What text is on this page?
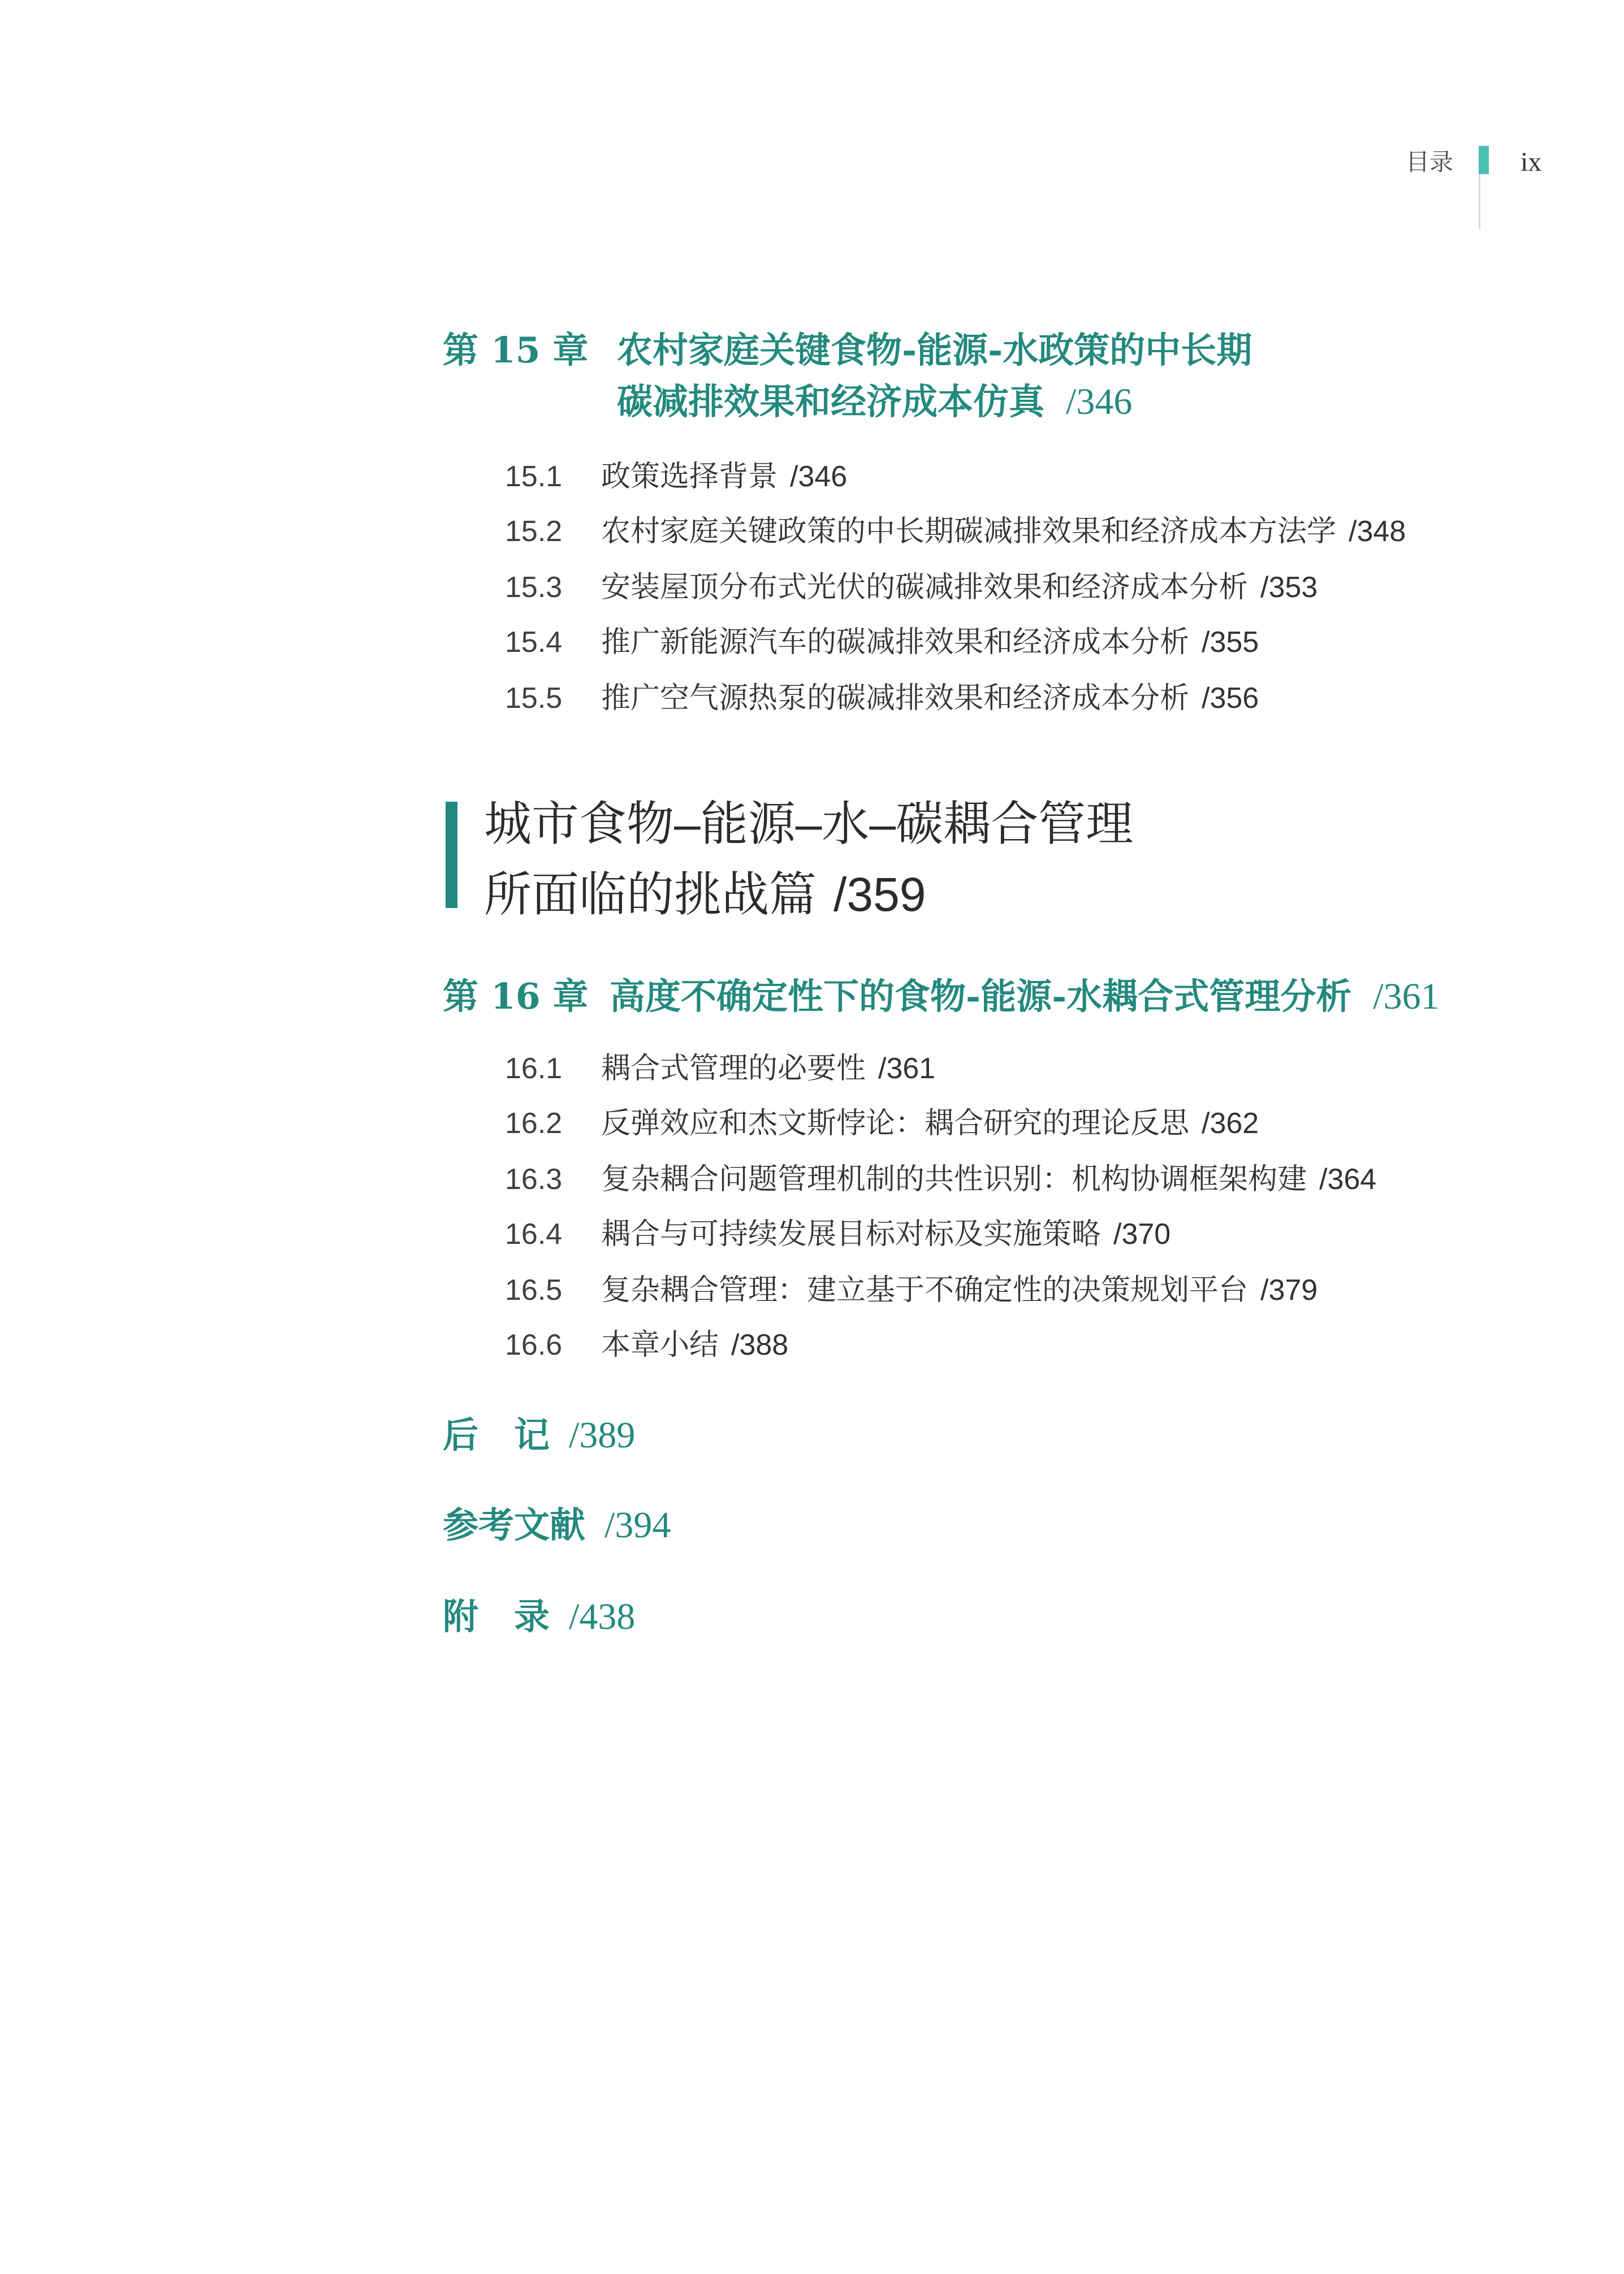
目录 ix
第 15 章 农村家庭关键食物-能源-水政策的中长期
碳减排效果和经济成本仿真 /346
15.1 政策选择背景 /346
15.2 农村家庭关键政策的中长期碳减排效果和经济成本方法学 /348
15.3 安装屋顶分布式光伏的碳减排效果和经济成本分析 /353
15.4 推广新能源汽车的碳减排效果和经济成本分析 /355
15.5 推广空气源热泵的碳减排效果和经济成本分析 /356
城市食物–能源–水–碳耦合管理
所面临的挑战篇 /359
第 16 章 高度不确定性下的食物-能源-水耦合式管理分析 /361
16.1 耦合式管理的必要性 /361
16.2 反弹效应和杰文斯悖论：耦合研究的理论反思 /362
16.3 复杂耦合问题管理机制的共性识别：机构协调框架构建 /364
16.4 耦合与可持续发展目标对标及实施策略 /370
16.5 复杂耦合管理：建立基于不确定性的决策规划平台 /379
16.6 本章小结 /388
后　记 /389
参考文献 /394
附　录 /438
